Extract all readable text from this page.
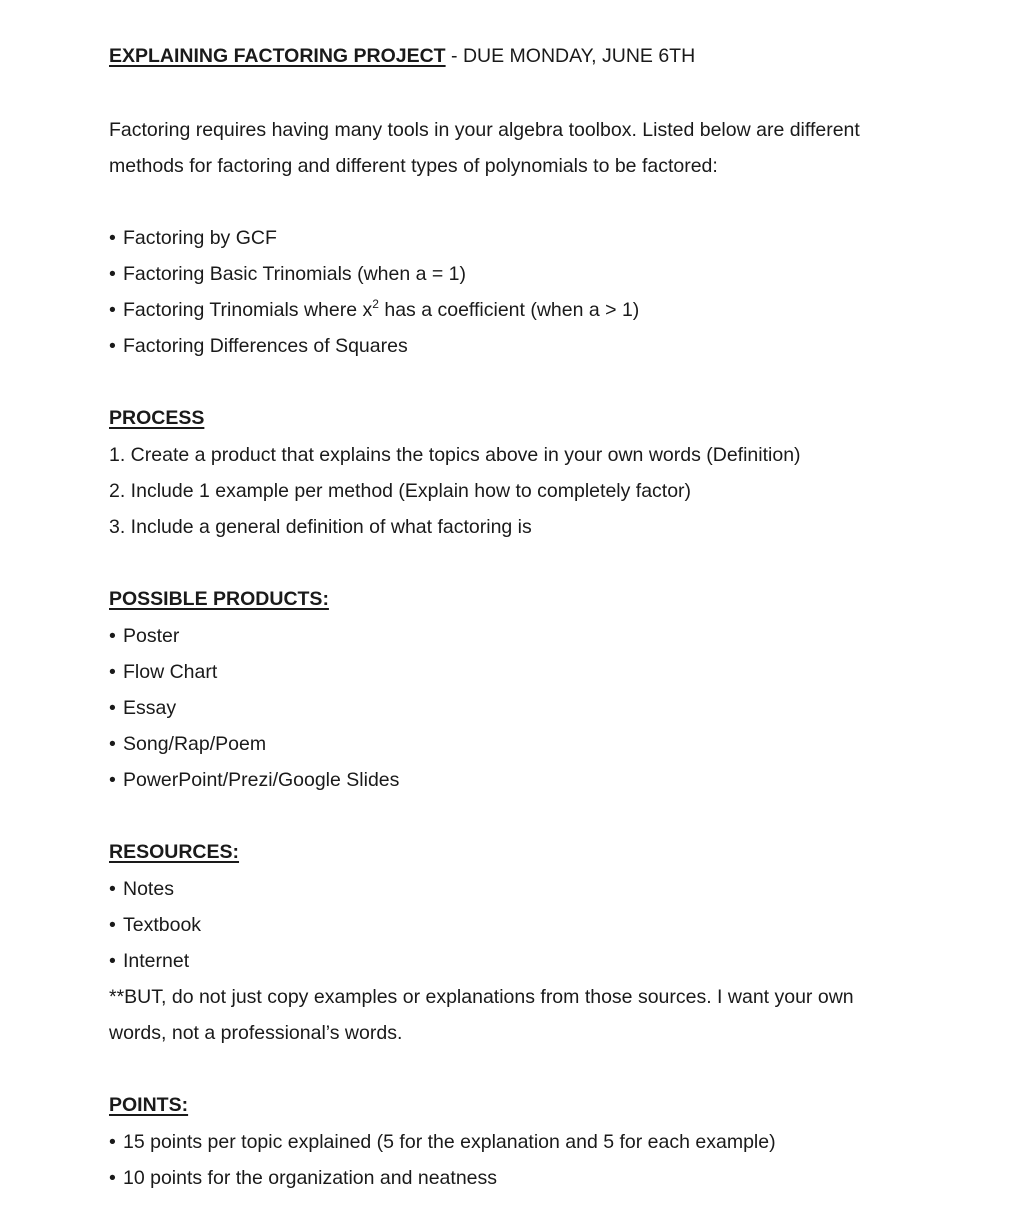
EXPLAINING FACTORING PROJECT - DUE MONDAY, JUNE 6TH
Factoring requires having many tools in your algebra toolbox. Listed below are different
methods for factoring and different types of polynomials to be factored:
• Factoring by GCF
• Factoring Basic Trinomials (when a = 1)
• Factoring Trinomials where $x^2$ has a coefficient (when a > 1)
• Factoring Differences of Squares
PROCESS
1. Create a product that explains the topics above in your own words (Definition)
2. Include 1 example per method (Explain how to completely factor)
3. Include a general definition of what factoring is
POSSIBLE PRODUCTS:
• Poster
• Flow Chart
• Essay
• Song/Rap/Poem
• PowerPoint/Prezi/Google Slides
RESOURCES:
• Notes
• Textbook
• Internet
**BUT, do not just copy examples or explanations from those sources. I want your own
words, not a professional’s words.
POINTS:
• 15 points per topic explained (5 for the explanation and 5 for each example)
• 10 points for the organization and neatness
